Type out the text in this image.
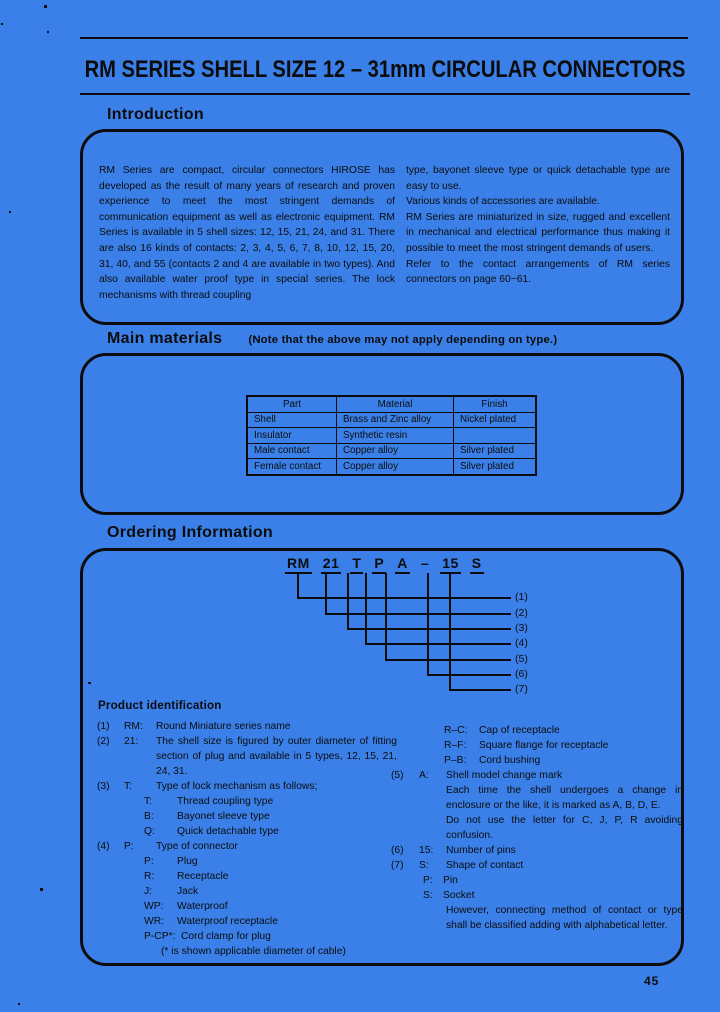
RM SERIES SHELL SIZE 12 – 31mm CIRCULAR CONNECTORS
Introduction
RM Series are compact, circular connectors HIROSE has developed as the result of many years of research and proven experience to meet the most stringent demands of communication equipment as well as electronic equipment. RM Series is available in 5 shell sizes: 12, 15, 21, 24, and 31. There are also 16 kinds of contacts: 2, 3, 4, 5, 6, 7, 8, 10, 12, 15, 20, 31, 40, and 55 (contacts 2 and 4 are available in two types). And also available water proof type in special series. The lock mechanisms with thread coupling

type, bayonet sleeve type or quick detachable type are easy to use.

Various kinds of accessories are available.

RM Series are miniaturized in size, rugged and excellent in mechanical and electrical performance thus making it possible to meet the most stringent demands of users.

Refer to the contact arrangements of RM series connectors on page 60~61.

Main materials (Note that the above may not apply depending on type.)
Part	Material	Finish
Shell	Brass and Zinc alloy	Nickel plated
Insulator	Synthetic resin	
Male contact	Copper alloy	Silver plated
Female contact	Copper alloy	Silver plated
Ordering Information
RM 21 T P A – 15 S
(1)
(2)
(3)
(4)
(5)
(6)
(7)
Product identification
(1)	RM:	Round Miniature series name
(2)	21:	The shell size is figured by outer diameter of fitting section of plug and available in 5 types, 12, 15, 21, 24, 31.
(3)	T:	Type of lock mechanism as follows;
T:	Thread coupling type
B:	Bayonet sleeve type
Q:	Quick detachable type
(4)	P:	Type of connector
P:	Plug
R:	Receptacle
J:	Jack
WP:	Waterproof
WR:	Waterproof receptacle
P-CP*: Cord clamp for plug
(* is shown applicable diameter of cable)
R–C:	Cap of receptacle
R–F:	Square flange for receptacle
P–B:	Cord bushing
(5)	A:	Shell model change mark
Each time the shell undergoes a change in enclosure or the like, it is marked as A, B, D, E.
Do not use the letter for C, J, P, R avoiding confusion.
(6)	15:	Number of pins
(7)	S:	Shape of contact
P: Pin
S: Socket
However, connecting method of contact or type shall be classified adding with alphabetical letter.
45
